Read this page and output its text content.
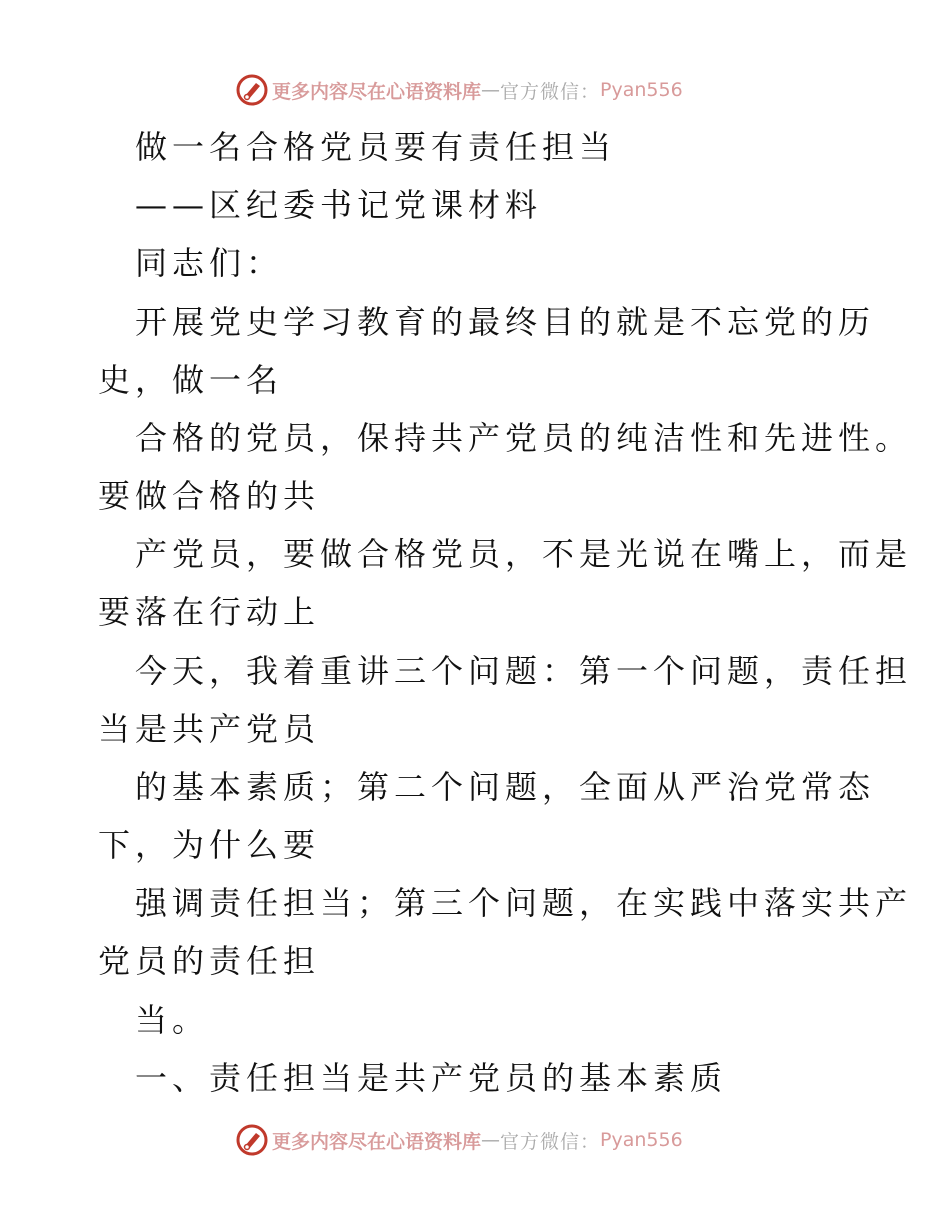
更多内容尽在心语资料库 — 官方微信： Pyan556
做一名合格党员要有责任担当
——区纪委书记党课材料
同志们：
开展党史学习教育的最终目的就是不忘党的历
史，做一名
合格的党员，保持共产党员的纯洁性和先进性。
要做合格的共
产党员，要做合格党员，不是光说在嘴上，而是
要落在行动上
今天，我着重讲三个问题：第一个问题，责任担
当是共产党员
的基本素质；第二个问题，全面从严治党常态
下，为什么要
强调责任担当；第三个问题，在实践中落实共产
党员的责任担
当。
一、责任担当是共产党员的基本素质
更多内容尽在心语资料库 — 官方微信： Pyan556
